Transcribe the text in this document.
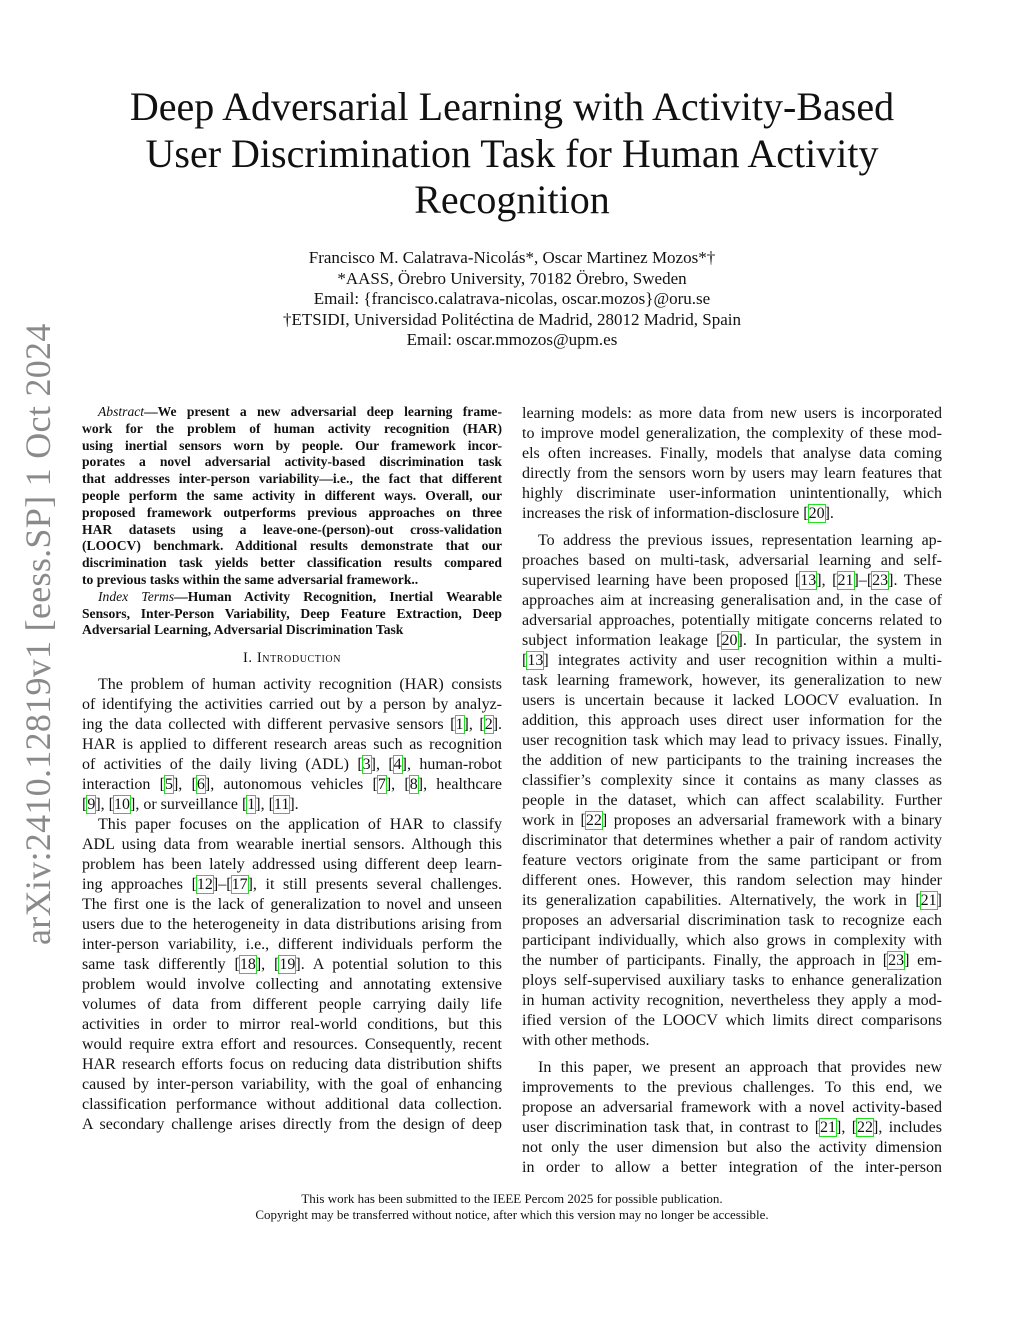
arXiv:2410.12819v1 [eess.SP] 1 Oct 2024
Deep Adversarial Learning with Activity-Based
User Discrimination Task for Human Activity
Recognition
Francisco M. Calatrava-Nicolás*, Oscar Martinez Mozos*†
*AASS, Örebro University, 70182 Örebro, Sweden
Email: {francisco.calatrava-nicolas, oscar.mozos}@oru.se
†ETSIDI, Universidad Politéctina de Madrid, 28012 Madrid, Spain
Email: oscar.mmozos@upm.es
Abstract—We present a new adversarial deep learning frame-
work for the problem of human activity recognition (HAR)
using inertial sensors worn by people. Our framework incor-
porates a novel adversarial activity-based discrimination task
that addresses inter-person variability—i.e., the fact that different
people perform the same activity in different ways. Overall, our
proposed framework outperforms previous approaches on three
HAR datasets using a leave-one-(person)-out cross-validation
(LOOCV) benchmark. Additional results demonstrate that our
discrimination task yields better classification results compared
to previous tasks within the same adversarial framework..
Index Terms—Human Activity Recognition, Inertial Wearable
Sensors, Inter-Person Variability, Deep Feature Extraction, Deep
Adversarial Learning, Adversarial Discrimination Task
I. Introduction
The problem of human activity recognition (HAR) consists
of identifying the activities carried out by a person by analyz-
ing the data collected with different pervasive sensors [1], [2].
HAR is applied to different research areas such as recognition
of activities of the daily living (ADL) [3], [4], human-robot
interaction [5], [6], autonomous vehicles [7], [8], healthcare
[9], [10], or surveillance [1], [11].
This paper focuses on the application of HAR to classify
ADL using data from wearable inertial sensors. Although this
problem has been lately addressed using different deep learn-
ing approaches [12]–[17], it still presents several challenges.
The first one is the lack of generalization to novel and unseen
users due to the heterogeneity in data distributions arising from
inter-person variability, i.e., different individuals perform the
same task differently [18], [19]. A potential solution to this
problem would involve collecting and annotating extensive
volumes of data from different people carrying daily life
activities in order to mirror real-world conditions, but this
would require extra effort and resources. Consequently, recent
HAR research efforts focus on reducing data distribution shifts
caused by inter-person variability, with the goal of enhancing
classification performance without additional data collection.
A secondary challenge arises directly from the design of deep
learning models: as more data from new users is incorporated
to improve model generalization, the complexity of these mod-
els often increases. Finally, models that analyse data coming
directly from the sensors worn by users may learn features that
highly discriminate user-information unintentionally, which
increases the risk of information-disclosure [20].
To address the previous issues, representation learning ap-
proaches based on multi-task, adversarial learning and self-
supervised learning have been proposed [13], [21]–[23]. These
approaches aim at increasing generalisation and, in the case of
adversarial approaches, potentially mitigate concerns related to
subject information leakage [20]. In particular, the system in
[13] integrates activity and user recognition within a multi-
task learning framework, however, its generalization to new
users is uncertain because it lacked LOOCV evaluation. In
addition, this approach uses direct user information for the
user recognition task which may lead to privacy issues. Finally,
the addition of new participants to the training increases the
classifier’s complexity since it contains as many classes as
people in the dataset, which can affect scalability. Further
work in [22] proposes an adversarial framework with a binary
discriminator that determines whether a pair of random activity
feature vectors originate from the same participant or from
different ones. However, this random selection may hinder
its generalization capabilities. Alternatively, the work in [21]
proposes an adversarial discrimination task to recognize each
participant individually, which also grows in complexity with
the number of participants. Finally, the approach in [23] em-
ploys self-supervised auxiliary tasks to enhance generalization
in human activity recognition, nevertheless they apply a mod-
ified version of the LOOCV which limits direct comparisons
with other methods.
In this paper, we present an approach that provides new
improvements to the previous challenges. To this end, we
propose an adversarial framework with a novel activity-based
user discrimination task that, in contrast to [21], [22], includes
not only the user dimension but also the activity dimension
in order to allow a better integration of the inter-person
This work has been submitted to the IEEE Percom 2025 for possible publication.
Copyright may be transferred without notice, after which this version may no longer be accessible.
